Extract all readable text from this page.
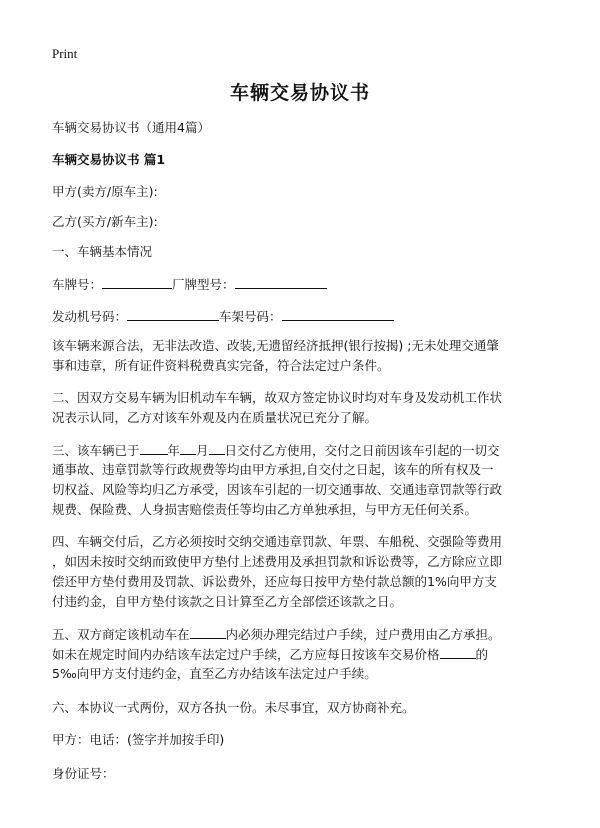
Print
车辆交易协议书
车辆交易协议书（通用4篇）
车辆交易协议书 篇1
甲方(卖方/原车主):
乙方(买方/新车主):
一、车辆基本情况
车牌号：	厂牌型号：
发动机号码：	车架号码：
该车辆来源合法，无非法改造、改装,无遗留经济抵押(银行按揭) ;无未处理交通肇
事和违章，所有证件资料税费真实完备，符合法定过户条件。
二、因双方交易车辆为旧机动车车辆，故双方签定协议时均对车身及发动机工作状
况表示认同，乙方对该车外观及内在质量状况已充分了解。
三、该车辆已于 年 月 日交付乙方使用，交付之日前因该车引起的一切交
通事故、违章罚款等行政规费等均由甲方承担,自交付之日起，该车的所有权及一
切权益、风险等均归乙方承受，因该车引起的一切交通事故、交通违章罚款等行政
规费、保险费、人身损害赔偿责任等均由乙方单独承担，与甲方无任何关系。
四、车辆交付后，乙方必须按时交纳交通违章罚款、年票、车船税、交强险等费用
，如因未按时交纳而致使甲方垫付上述费用及承担罚款和诉讼费等，乙方除应立即
偿还甲方垫付费用及罚款、诉讼费外，还应每日按甲方垫付款总额的1%向甲方支
付违约金，自甲方垫付该款之日计算至乙方全部偿还该款之日。
五、双方商定该机动车在	内必须办理完结过户手续，过户费用由乙方承担。
如未在规定时间内办结该车法定过户手续，乙方应每日按该车交易价格	的
5‰向甲方支付违约金，直至乙方办结该车法定过户手续。
六、本协议一式两份，双方各执一份。未尽事宜，双方协商补充。
甲方：电话：(签字并加按手印)
身份证号：
